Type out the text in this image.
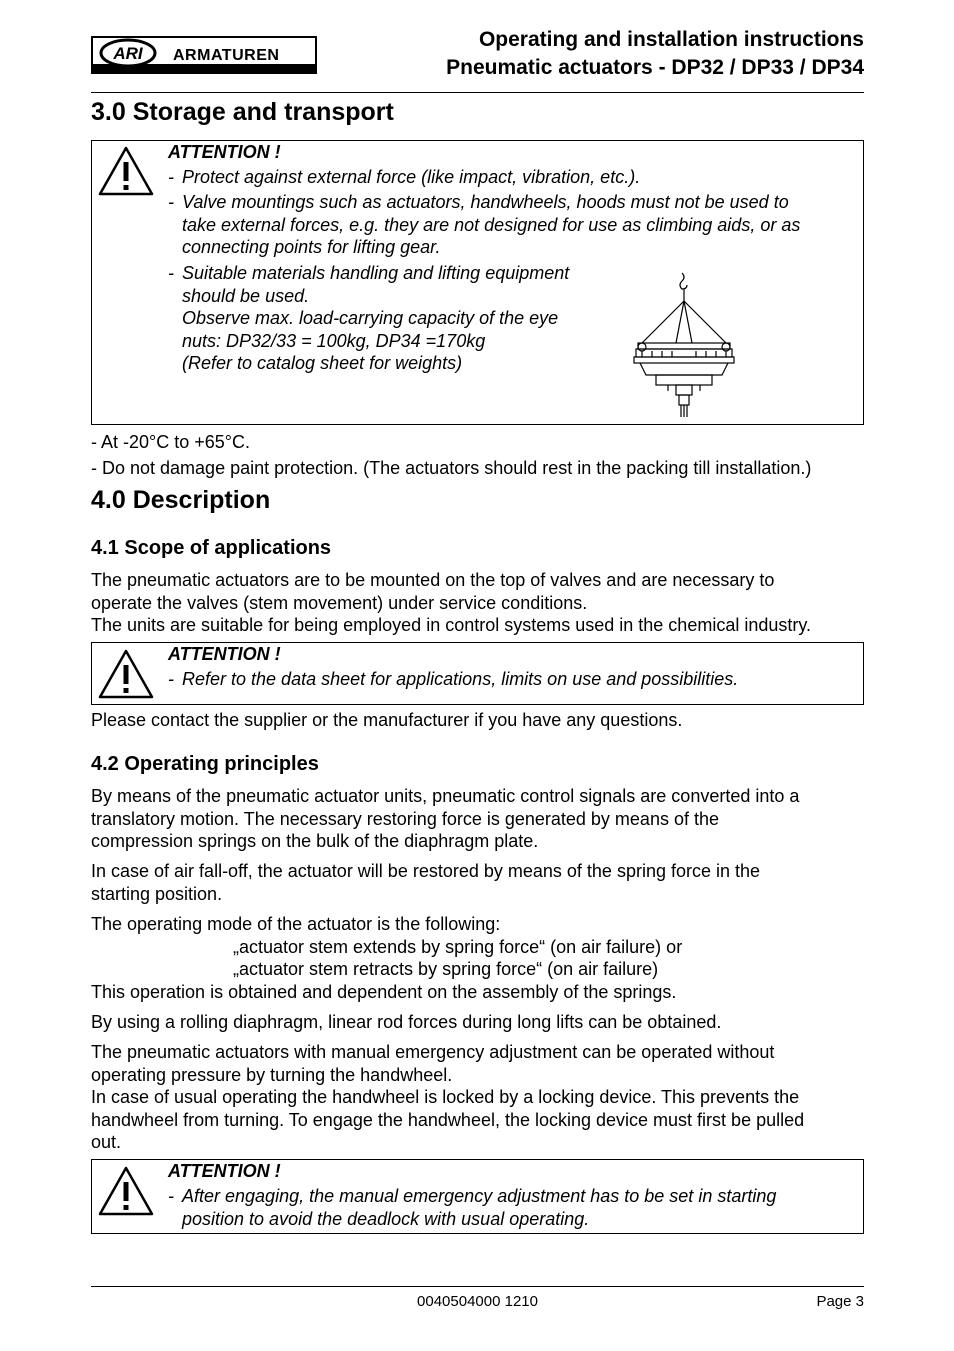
ARI ARMATUREN
Operating and installation instructions
Pneumatic actuators - DP32 / DP33 / DP34
3.0 Storage and transport
ATTENTION !
- Protect against external force (like impact, vibration, etc.).
- Valve mountings such as actuators, handwheels, hoods must not be used to
take external forces, e.g. they are not designed for use as climbing aids, or as
connecting points for lifting gear.
- Suitable materials handling and lifting equipment
should be used.
Observe max. load-carrying capacity of the eye
nuts: DP32/33 = 100kg, DP34 =170kg
(Refer to catalog sheet for weights)
- At -20°C to +65°C.
- Do not damage paint protection. (The actuators should rest in the packing till installation.)
4.0 Description
4.1 Scope of applications
The pneumatic actuators are to be mounted on the top of valves and are necessary to
operate the valves (stem movement) under service conditions.
The units are suitable for being employed in control systems used in the chemical industry.
ATTENTION !
- Refer to the data sheet for applications, limits on use and possibilities.
Please contact the supplier or the manufacturer if you have any questions.
4.2 Operating principles
By means of the pneumatic actuator units, pneumatic control signals are converted into a
translatory motion. The necessary restoring force is generated by means of the
compression springs on the bulk of the diaphragm plate.
In case of air fall-off, the actuator will be restored by means of the spring force in the
starting position.
The operating mode of the actuator is the following:
„actuator stem extends by spring force“ (on air failure) or
„actuator stem retracts by spring force“ (on air failure)
This operation is obtained and dependent on the assembly of the springs.
By using a rolling diaphragm, linear rod forces during long lifts can be obtained.
The pneumatic actuators with manual emergency adjustment can be operated without
operating pressure by turning the handwheel.
In case of usual operating the handwheel is locked by a locking device. This prevents the
handwheel from turning. To engage the handwheel, the locking device must first be pulled
out.
ATTENTION !
- After engaging, the manual emergency adjustment has to be set in starting
position to avoid the deadlock with usual operating.
0040504000 1210	Page 3
